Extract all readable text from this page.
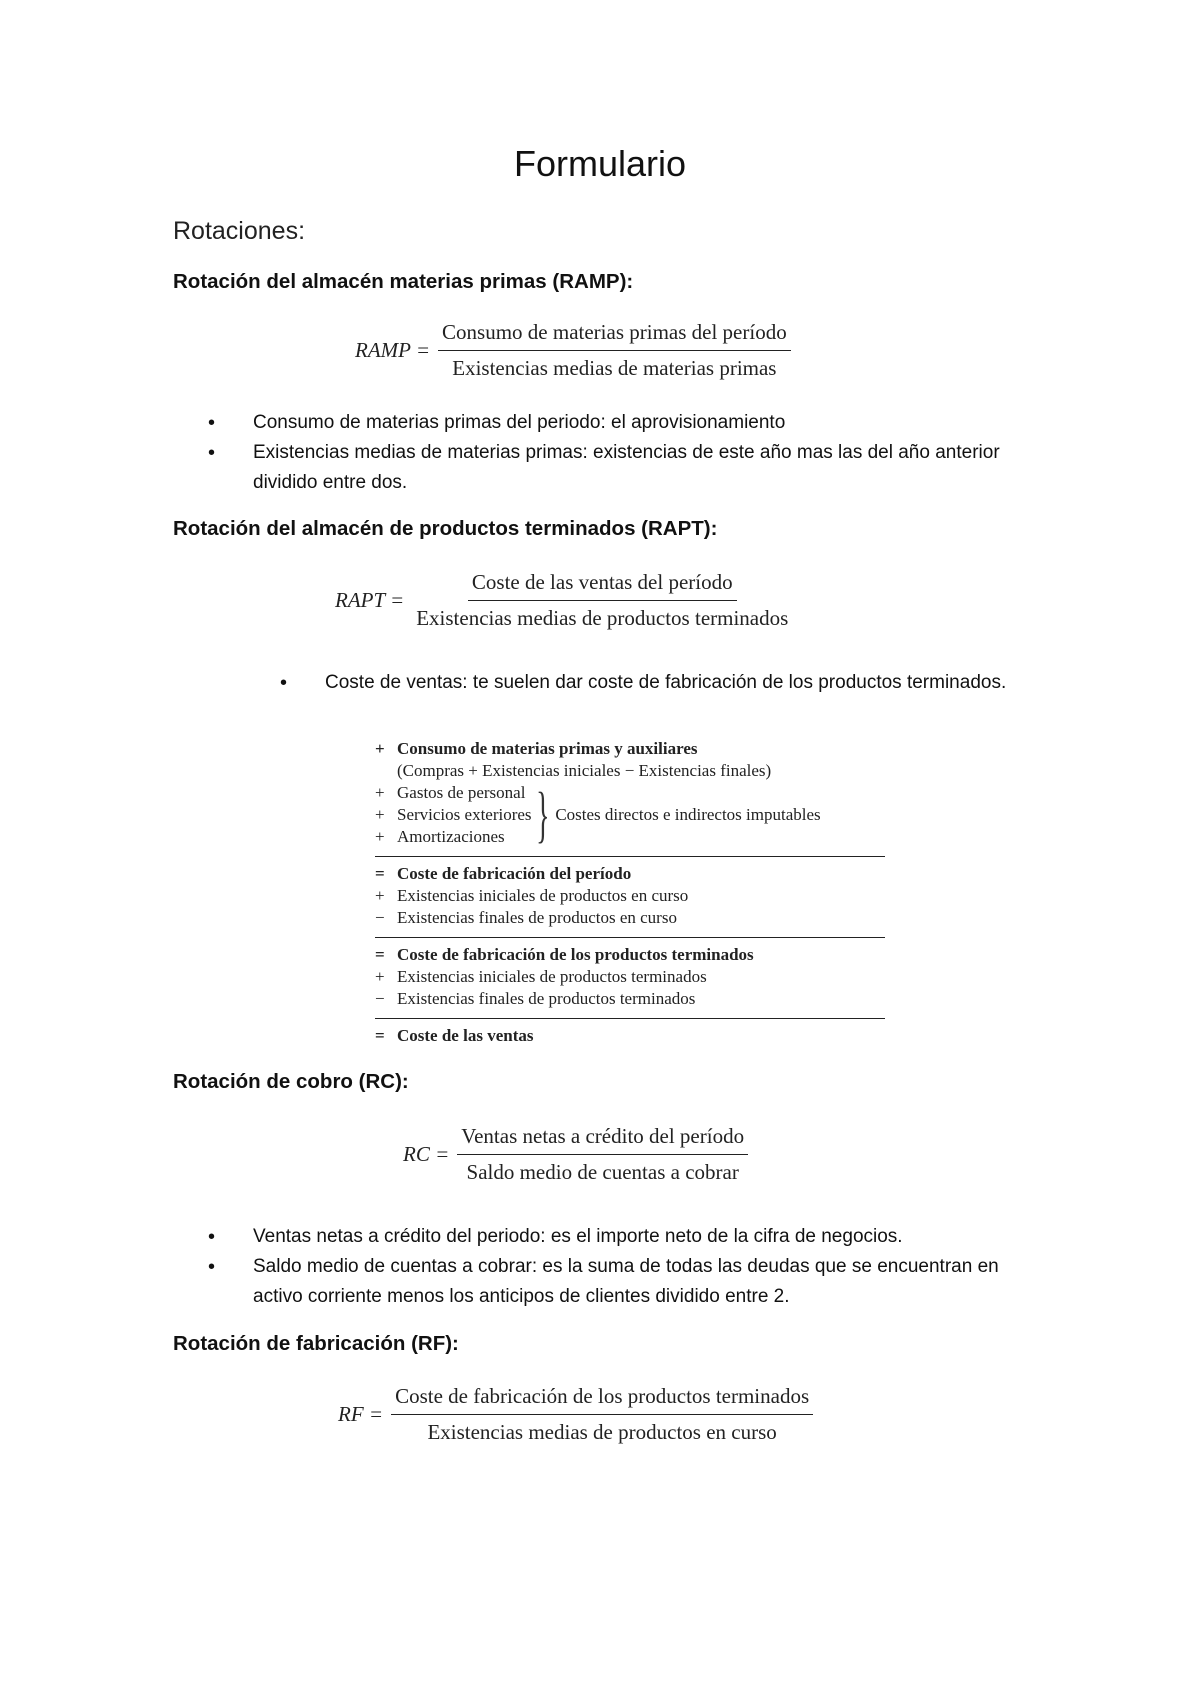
Formulario
Rotaciones:
Rotación del almacén materias primas (RAMP):
RAMP = $\frac{\text{Consumo de materias primas del período}}{\text{Existencias medias de materias primas}}$
• Consumo de materias primas del periodo: el aprovisionamiento
• Existencias medias de materias primas: existencias de este año mas las del año anterior dividido entre dos.
Rotación del almacén de productos terminados (RAPT):
RAPT = $\frac{\text{Coste de las ventas del período}}{\text{Existencias medias de productos terminados}}$
• Coste de ventas: te suelen dar coste de fabricación de los productos terminados.
+ Consumo de materias primas y auxiliares
(Compras + Existencias iniciales − Existencias finales)
+ Gastos de personal
+ Servicios exteriores
+ Amortizaciones } Costes directos e indirectos imputables
= Coste de fabricación del período
+ Existencias iniciales de productos en curso
− Existencias finales de productos en curso
= Coste de fabricación de los productos terminados
+ Existencias iniciales de productos terminados
− Existencias finales de productos terminados
= Coste de las ventas
Rotación de cobro (RC):
RC = $\frac{\text{Ventas netas a crédito del período}}{\text{Saldo medio de cuentas a cobrar}}$
• Ventas netas a crédito del periodo: es el importe neto de la cifra de negocios.
• Saldo medio de cuentas a cobrar: es la suma de todas las deudas que se encuentran en activo corriente menos los anticipos de clientes dividido entre 2.
Rotación de fabricación (RF):
RF = $\frac{\text{Coste de fabricación de los productos terminados}}{\text{Existencias medias de productos en curso}}$
